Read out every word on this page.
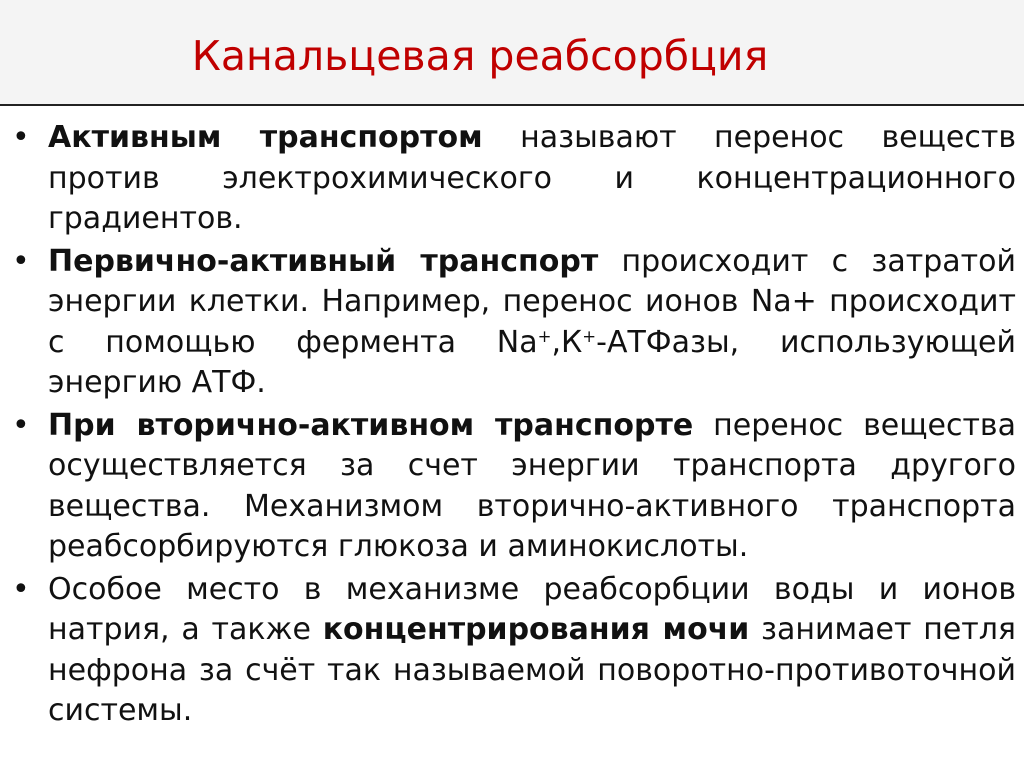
Канальцевая реабсорбция
• Активным транспортом называют перенос веществ против электрохимического и концентрационного градиентов.
• Первично-активный транспорт происходит с затратой энергии клетки. Например, перенос ионов Na+ происходит с помощью фермента Na+,К+-АТФазы, использующей энергию АТФ.
• При вторично-активном транспорте перенос вещества осуществляется за счет энергии транспорта другого вещества. Механизмом вторично-активного транспорта реабсорбируются глюкоза и аминокислоты.
• Особое место в механизме реабсорбции воды и ионов натрия, а также концентрирования мочи занимает петля нефрона за счёт так называемой поворотно-противоточной системы.
